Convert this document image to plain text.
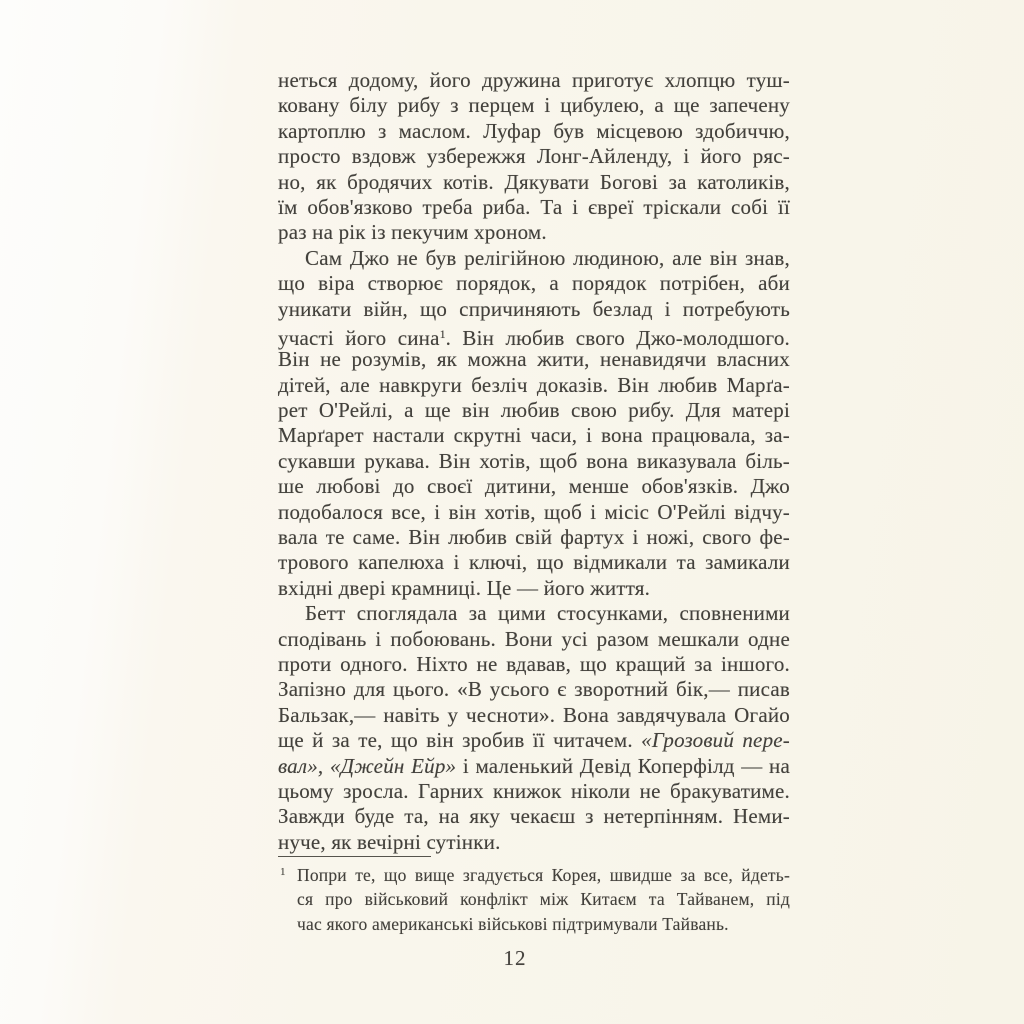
неться додому, його дружина приготує хлопцю туш-
ковану білу рибу з перцем і цибулею, а ще запечену
картоплю з маслом. Луфар був місцевою здобиччю,
просто вздовж узбережжя Лонг-Айленду, і його ряс-
но, як бродячих котів. Дякувати Богові за католиків,
їм обов'язково треба риба. Та і євреї тріскали собі її
раз на рік із пекучим хроном.
Сам Джо не був релігійною людиною, але він знав,
що віра створює порядок, а порядок потрібен, аби
уникати війн, що спричиняють безлад і потребують
участі його сина$^1$. Він любив свого Джо-молодшого.
Він не розумів, як можна жити, ненавидячи власних
дітей, але навкруги безліч доказів. Він любив Марґа-
рет О'Рейлі, а ще він любив свою рибу. Для матері
Марґарет настали скрутні часи, і вона працювала, за-
сукавши рукава. Він хотів, щоб вона виказувала біль-
ше любові до своєї дитини, менше обов'язків. Джо
подобалося все, і він хотів, щоб і місіс О'Рейлі відчу-
вала те саме. Він любив свій фартух і ножі, свого фе-
трового капелюха і ключі, що відмикали та замикали
вхідні двері крамниці. Це — його життя.
Бетт споглядала за цими стосунками, сповненими
сподівань і побоювань. Вони усі разом мешкали одне
проти одного. Ніхто не вдавав, що кращий за іншого.
Запізно для цього. «В усього є зворотний бік,— писав
Бальзак,— навіть у чесноти». Вона завдячувала Огайо
ще й за те, що він зробив її читачем. «Грозовий пере-
вал», «Джейн Ейр» і маленький Девід Коперфілд — на
цьому зросла. Гарних книжок ніколи не бракуватиме.
Завжди буде та, на яку чекаєш з нетерпінням. Неми-
нуче, як вечірні сутінки.
1 Попри те, що вище згадується Корея, швидше за все, йдеть-
ся про військовий конфлікт між Китаєм та Тайванем, під
час якого американські військові підтримували Тайвань.
12
